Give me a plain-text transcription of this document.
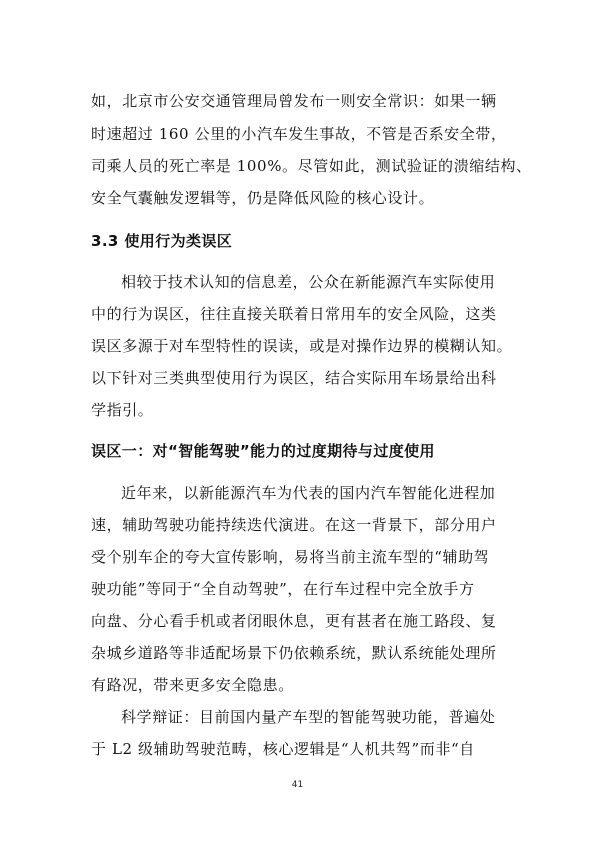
如，北京市公安交通管理局曾发布一则安全常识：如果一辆
时速超过 160 公里的小汽车发生事故，不管是否系安全带，
司乘人员的死亡率是 100%。尽管如此，测试验证的溃缩结构、
安全气囊触发逻辑等，仍是降低风险的核心设计。
3.3 使用行为类误区
相较于技术认知的信息差，公众在新能源汽车实际使用
中的行为误区，往往直接关联着日常用车的安全风险，这类
误区多源于对车型特性的误读，或是对操作边界的模糊认知。
以下针对三类典型使用行为误区，结合实际用车场景给出科
学指引。
误区一：对“智能驾驶”能力的过度期待与过度使用
近年来，以新能源汽车为代表的国内汽车智能化进程加
速，辅助驾驶功能持续迭代演进。在这一背景下，部分用户
受个别车企的夸大宣传影响，易将当前主流车型的“辅助驾
驶功能”等同于“全自动驾驶”，在行车过程中完全放手方
向盘、分心看手机或者闭眼休息，更有甚者在施工路段、复
杂城乡道路等非适配场景下仍依赖系统，默认系统能处理所
有路况，带来更多安全隐患。
科学辩证：目前国内量产车型的智能驾驶功能，普遍处
于 L2 级辅助驾驶范畴，核心逻辑是“人机共驾”而非“自
41
